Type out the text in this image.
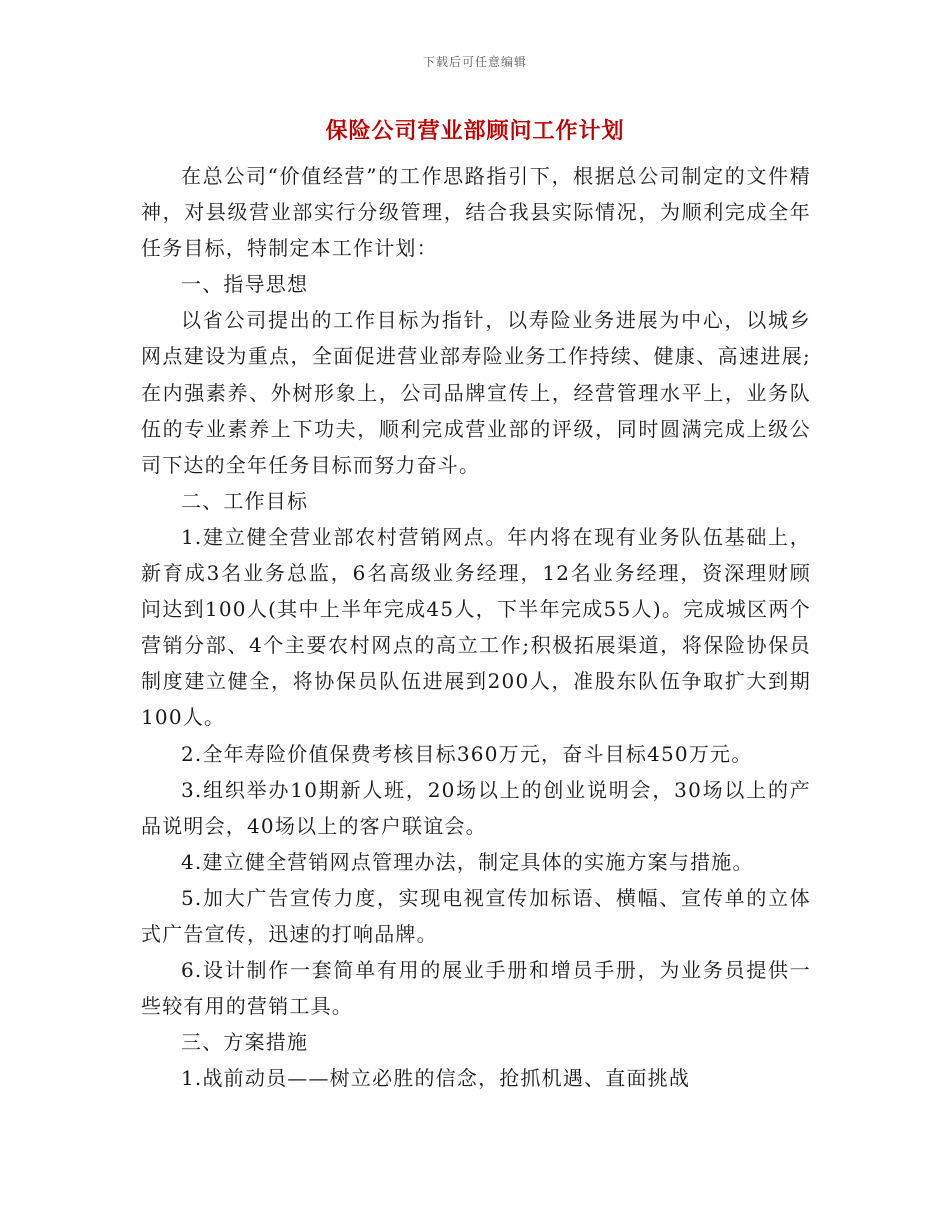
下载后可任意编辑
保险公司营业部顾问工作计划

在总公司“价值经营”的工作思路指引下，根据总公司制定的文件精神，对县级营业部实行分级管理，结合我县实际情况，为顺利完成全年任务目标，特制定本工作计划：

一、指导思想

以省公司提出的工作目标为指针，以寿险业务进展为中心，以城乡网点建设为重点，全面促进营业部寿险业务工作持续、健康、高速进展;在内强素养、外树形象上，公司品牌宣传上，经营管理水平上，业务队伍的专业素养上下功夫，顺利完成营业部的评级，同时圆满完成上级公司下达的全年任务目标而努力奋斗。

二、工作目标

1.建立健全营业部农村营销网点。年内将在现有业务队伍基础上，新育成3名业务总监，6名高级业务经理，12名业务经理，资深理财顾问达到100人(其中上半年完成45人，下半年完成55人)。完成城区两个营销分部、4个主要农村网点的高立工作;积极拓展渠道，将保险协保员制度建立健全，将协保员队伍进展到200人，准股东队伍争取扩大到期100人。

2.全年寿险价值保费考核目标360万元，奋斗目标450万元。

3.组织举办10期新人班，20场以上的创业说明会，30场以上的产品说明会，40场以上的客户联谊会。

4.建立健全营销网点管理办法，制定具体的实施方案与措施。

5.加大广告宣传力度，实现电视宣传加标语、横幅、宣传单的立体式广告宣传，迅速的打响品牌。

6.设计制作一套简单有用的展业手册和增员手册，为业务员提供一些较有用的营销工具。

三、方案措施

1.战前动员——树立必胜的信念，抢抓机遇、直面挑战
